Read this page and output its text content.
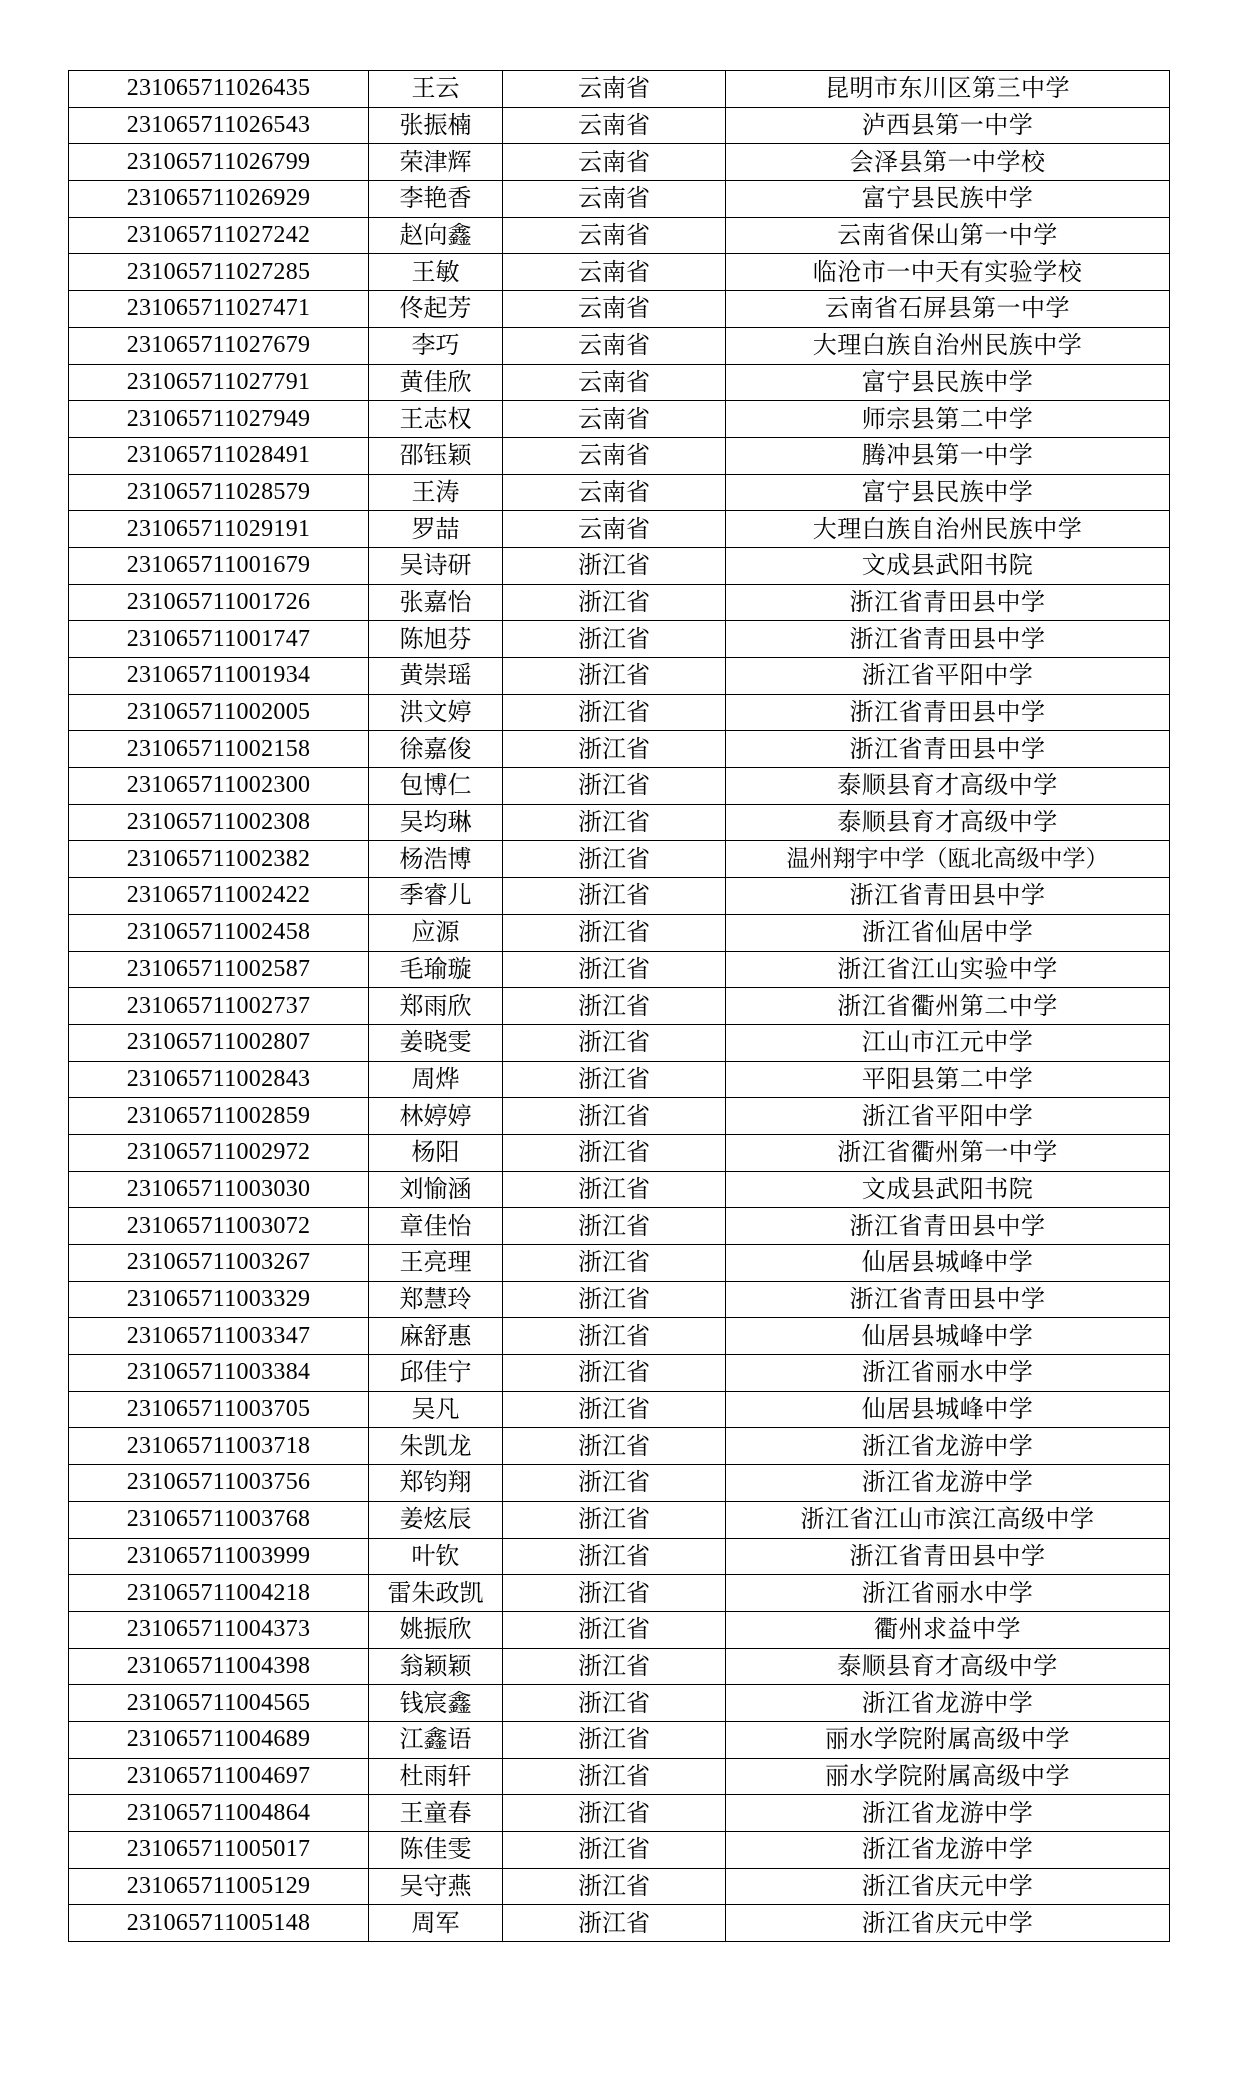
231065711026435	王云	云南省	昆明市东川区第三中学
231065711026543	张振楠	云南省	泸西县第一中学
231065711026799	荣津辉	云南省	会泽县第一中学校
231065711026929	李艳香	云南省	富宁县民族中学
231065711027242	赵向鑫	云南省	云南省保山第一中学
231065711027285	王敏	云南省	临沧市一中天有实验学校
231065711027471	佟起芳	云南省	云南省石屏县第一中学
231065711027679	李巧	云南省	大理白族自治州民族中学
231065711027791	黄佳欣	云南省	富宁县民族中学
231065711027949	王志权	云南省	师宗县第二中学
231065711028491	邵钰颖	云南省	腾冲县第一中学
231065711028579	王涛	云南省	富宁县民族中学
231065711029191	罗喆	云南省	大理白族自治州民族中学
231065711001679	吴诗研	浙江省	文成县武阳书院
231065711001726	张嘉怡	浙江省	浙江省青田县中学
231065711001747	陈旭芬	浙江省	浙江省青田县中学
231065711001934	黄崇瑶	浙江省	浙江省平阳中学
231065711002005	洪文婷	浙江省	浙江省青田县中学
231065711002158	徐嘉俊	浙江省	浙江省青田县中学
231065711002300	包博仁	浙江省	泰顺县育才高级中学
231065711002308	吴均琳	浙江省	泰顺县育才高级中学
231065711002382	杨浩博	浙江省	温州翔宇中学（瓯北高级中学）
231065711002422	季睿儿	浙江省	浙江省青田县中学
231065711002458	应源	浙江省	浙江省仙居中学
231065711002587	毛瑜璇	浙江省	浙江省江山实验中学
231065711002737	郑雨欣	浙江省	浙江省衢州第二中学
231065711002807	姜晓雯	浙江省	江山市江元中学
231065711002843	周烨	浙江省	平阳县第二中学
231065711002859	林婷婷	浙江省	浙江省平阳中学
231065711002972	杨阳	浙江省	浙江省衢州第一中学
231065711003030	刘愉涵	浙江省	文成县武阳书院
231065711003072	章佳怡	浙江省	浙江省青田县中学
231065711003267	王亮理	浙江省	仙居县城峰中学
231065711003329	郑慧玲	浙江省	浙江省青田县中学
231065711003347	麻舒惠	浙江省	仙居县城峰中学
231065711003384	邱佳宁	浙江省	浙江省丽水中学
231065711003705	吴凡	浙江省	仙居县城峰中学
231065711003718	朱凯龙	浙江省	浙江省龙游中学
231065711003756	郑钧翔	浙江省	浙江省龙游中学
231065711003768	姜炫辰	浙江省	浙江省江山市滨江高级中学
231065711003999	叶钦	浙江省	浙江省青田县中学
231065711004218	雷朱政凯	浙江省	浙江省丽水中学
231065711004373	姚振欣	浙江省	衢州求益中学
231065711004398	翁颖颖	浙江省	泰顺县育才高级中学
231065711004565	钱宸鑫	浙江省	浙江省龙游中学
231065711004689	江鑫语	浙江省	丽水学院附属高级中学
231065711004697	杜雨轩	浙江省	丽水学院附属高级中学
231065711004864	王童春	浙江省	浙江省龙游中学
231065711005017	陈佳雯	浙江省	浙江省龙游中学
231065711005129	吴守燕	浙江省	浙江省庆元中学
231065711005148	周军	浙江省	浙江省庆元中学
